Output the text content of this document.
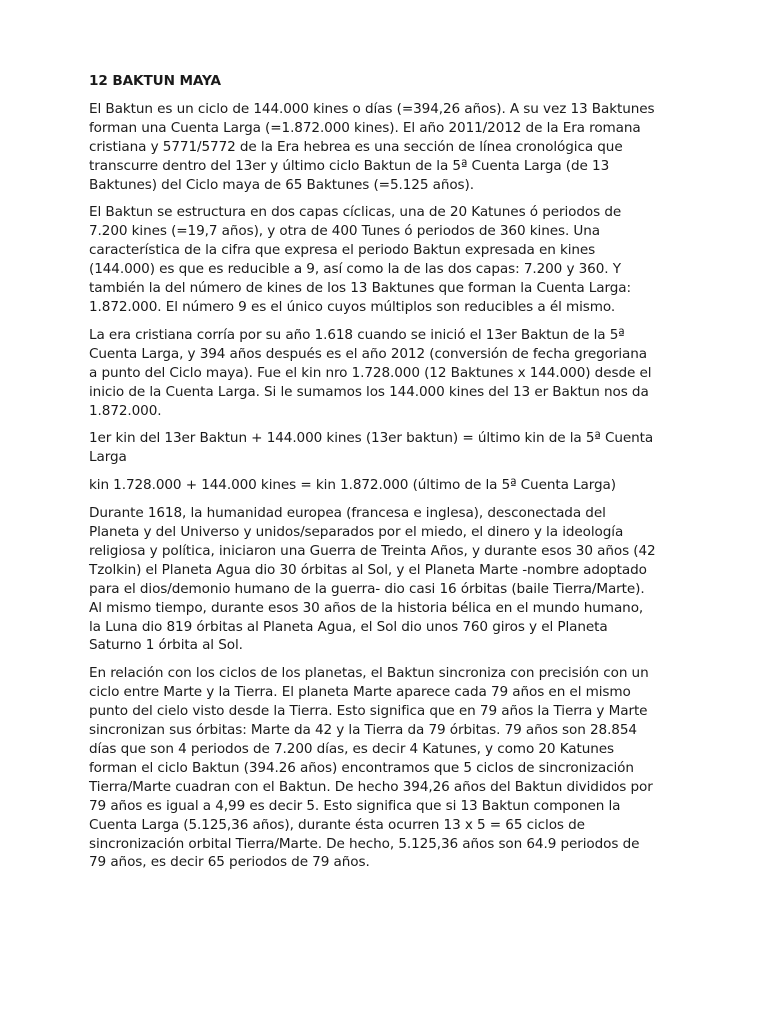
12 BAKTUN MAYA
El Baktun es un ciclo de 144.000 kines o días (=394,26 años). A su vez 13 Baktunes
forman una Cuenta Larga (=1.872.000 kines). El año 2011/2012 de la Era romana
cristiana y 5771/5772 de la Era hebrea es una sección de línea cronológica que
transcurre dentro del 13er y último ciclo Baktun de la 5ª Cuenta Larga (de 13
Baktunes) del Ciclo maya de 65 Baktunes (=5.125 años).
El Baktun se estructura en dos capas cíclicas, una de 20 Katunes ó periodos de
7.200 kines (=19,7 años), y otra de 400 Tunes ó periodos de 360 kines. Una
característica de la cifra que expresa el periodo Baktun expresada en kines
(144.000) es que es reducible a 9, así como la de las dos capas: 7.200 y 360. Y
también la del número de kines de los 13 Baktunes que forman la Cuenta Larga:
1.872.000. El número 9 es el único cuyos múltiplos son reducibles a él mismo.
La era cristiana corría por su año 1.618 cuando se inició el 13er Baktun de la 5ª
Cuenta Larga, y 394 años después es el año 2012 (conversión de fecha gregoriana
a punto del Ciclo maya). Fue el kin nro 1.728.000 (12 Baktunes x 144.000) desde el
inicio de la Cuenta Larga. Si le sumamos los 144.000 kines del 13 er Baktun nos da
1.872.000.
1er kin del 13er Baktun + 144.000 kines (13er baktun) = último kin de la 5ª Cuenta
Larga
kin 1.728.000 + 144.000 kines = kin 1.872.000 (último de la 5ª Cuenta Larga)
Durante 1618, la humanidad europea (francesa e inglesa), desconectada del
Planeta y del Universo y unidos/separados por el miedo, el dinero y la ideología
religiosa y política, iniciaron una Guerra de Treinta Años, y durante esos 30 años (42
Tzolkin) el Planeta Agua dio 30 órbitas al Sol, y el Planeta Marte -nombre adoptado
para el dios/demonio humano de la guerra- dio casi 16 órbitas (baile Tierra/Marte).
Al mismo tiempo, durante esos 30 años de la historia bélica en el mundo humano,
la Luna dio 819 órbitas al Planeta Agua, el Sol dio unos 760 giros y el Planeta
Saturno 1 órbita al Sol.
En relación con los ciclos de los planetas, el Baktun sincroniza con precisión con un
ciclo entre Marte y la Tierra. El planeta Marte aparece cada 79 años en el mismo
punto del cielo visto desde la Tierra. Esto significa que en 79 años la Tierra y Marte
sincronizan sus órbitas: Marte da 42 y la Tierra da 79 órbitas. 79 años son 28.854
días que son 4 periodos de 7.200 días, es decir 4 Katunes, y como 20 Katunes
forman el ciclo Baktun (394.26 años) encontramos que 5 ciclos de sincronización
Tierra/Marte cuadran con el Baktun. De hecho 394,26 años del Baktun divididos por
79 años es igual a 4,99 es decir 5. Esto significa que si 13 Baktun componen la
Cuenta Larga (5.125,36 años), durante ésta ocurren 13 x 5 = 65 ciclos de
sincronización orbital Tierra/Marte. De hecho, 5.125,36 años son 64.9 periodos de
79 años, es decir 65 periodos de 79 años.
